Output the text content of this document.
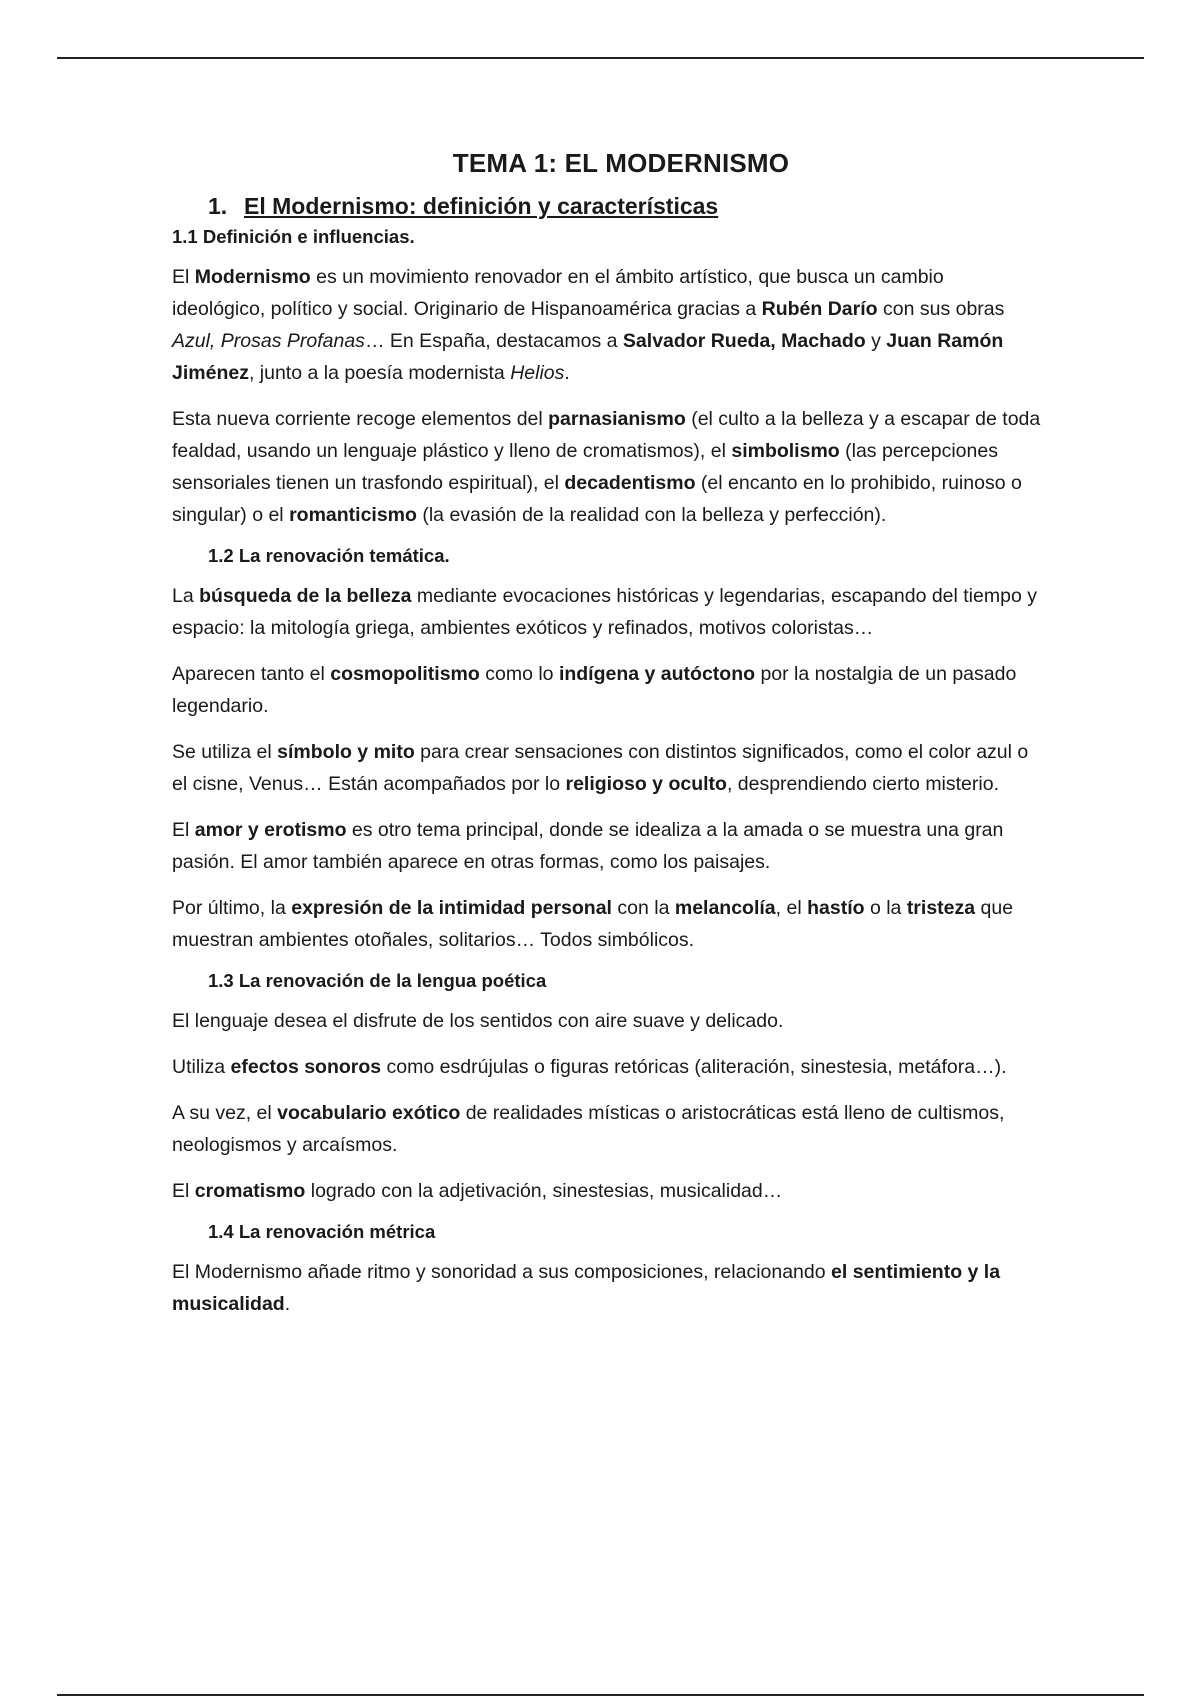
TEMA 1: EL MODERNISMO
1. El Modernismo: definición y características
1.1 Definición e influencias.

El Modernismo es un movimiento renovador en el ámbito artístico, que busca un cambio ideológico, político y social. Originario de Hispanoamérica gracias a Rubén Darío con sus obras Azul, Prosas Profanas… En España, destacamos a Salvador Rueda, Machado y Juan Ramón Jiménez, junto a la poesía modernista Helios.

Esta nueva corriente recoge elementos del parnasianismo (el culto a la belleza y a escapar de toda fealdad, usando un lenguaje plástico y lleno de cromatismos), el simbolismo (las percepciones sensoriales tienen un trasfondo espiritual), el decadentismo (el encanto en lo prohibido, ruinoso o singular) o el romanticismo (la evasión de la realidad con la belleza y perfección).

1.2 La renovación temática.

La búsqueda de la belleza mediante evocaciones históricas y legendarias, escapando del tiempo y espacio: la mitología griega, ambientes exóticos y refinados, motivos coloristas…

Aparecen tanto el cosmopolitismo como lo indígena y autóctono por la nostalgia de un pasado legendario.

Se utiliza el símbolo y mito para crear sensaciones con distintos significados, como el color azul o el cisne, Venus… Están acompañados por lo religioso y oculto, desprendiendo cierto misterio.

El amor y erotismo es otro tema principal, donde se idealiza a la amada o se muestra una gran pasión. El amor también aparece en otras formas, como los paisajes.

Por último, la expresión de la intimidad personal con la melancolía, el hastío o la tristeza que muestran ambientes otoñales, solitarios… Todos simbólicos.

1.3 La renovación de la lengua poética

El lenguaje desea el disfrute de los sentidos con aire suave y delicado.

Utiliza efectos sonoros como esdrújulas o figuras retóricas (aliteración, sinestesia, metáfora…).

A su vez, el vocabulario exótico de realidades místicas o aristocráticas está lleno de cultismos, neologismos y arcaísmos.

El cromatismo logrado con la adjetivación, sinestesias, musicalidad…

1.4 La renovación métrica

El Modernismo añade ritmo y sonoridad a sus composiciones, relacionando el sentimiento y la musicalidad.
